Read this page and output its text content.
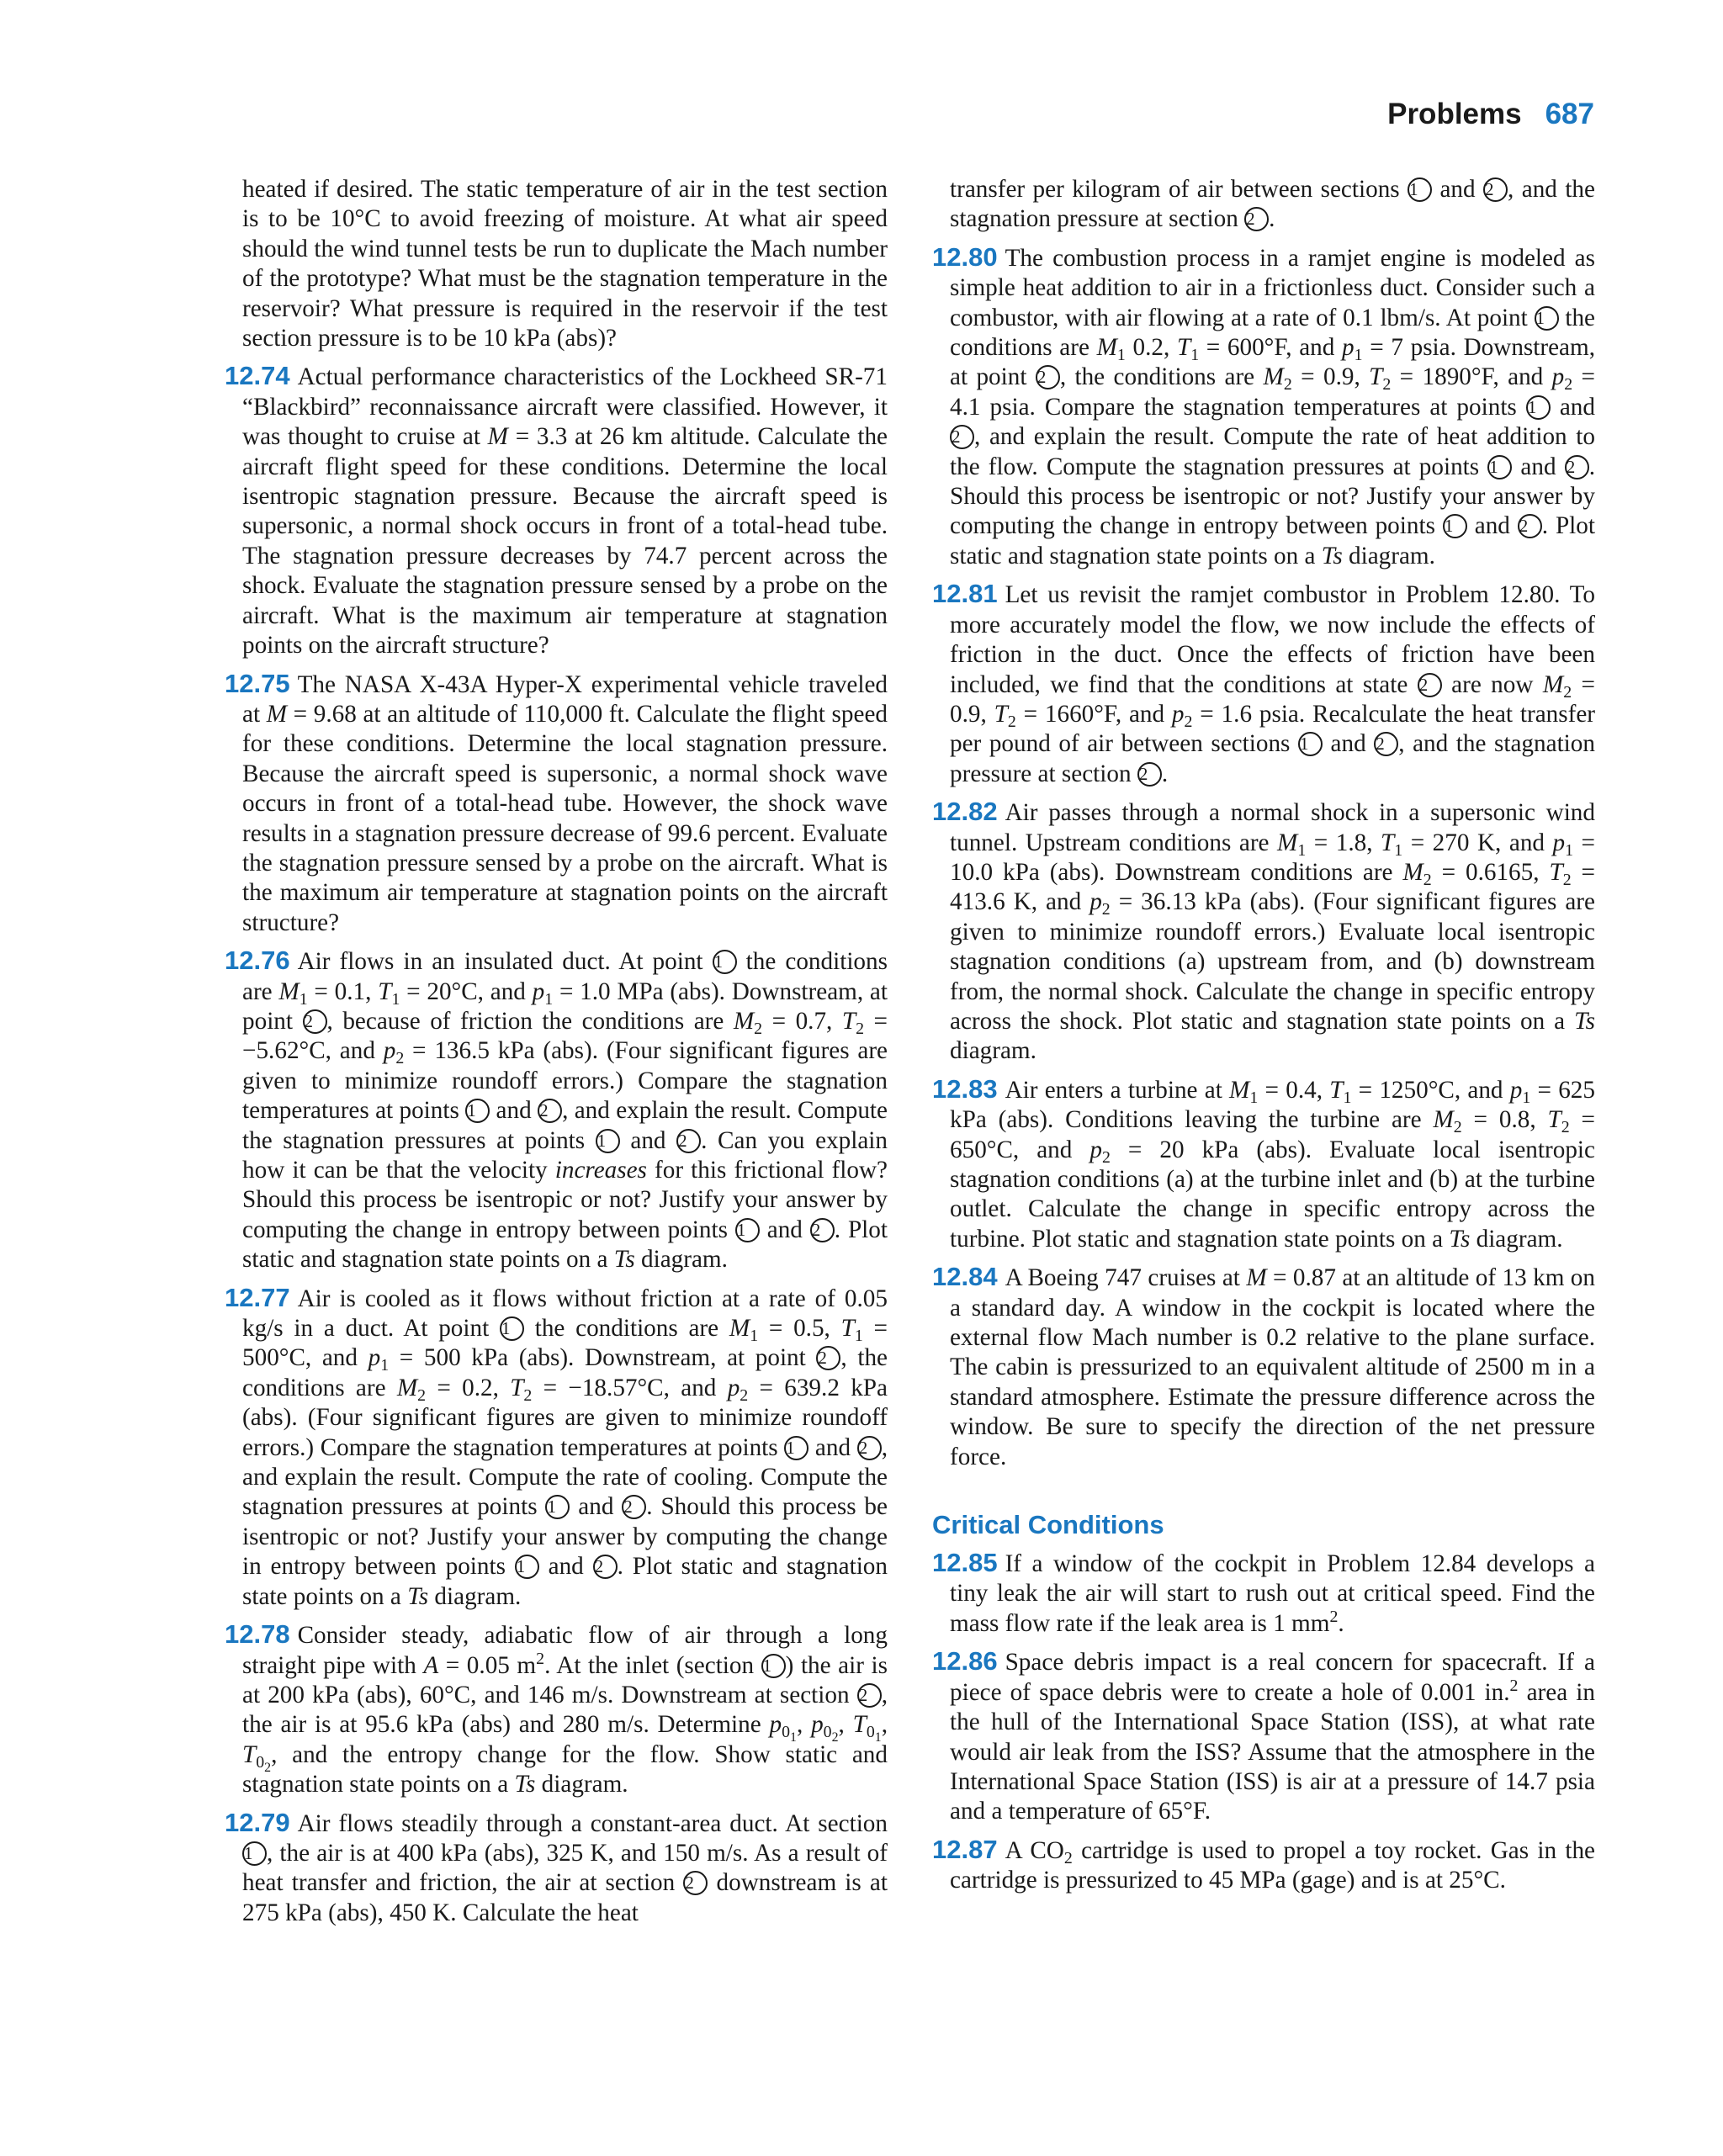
Problems 687

heated if desired. The static temperature of air in the test section is to be 10°C to avoid freezing of moisture. At what air speed should the wind tunnel tests be run to duplicate the Mach number of the prototype? What must be the stagnation temperature in the reservoir? What pressure is required in the reservoir if the test section pressure is to be 10 kPa (abs)?

12.74 Actual performance characteristics of the Lockheed SR-71 “Blackbird” reconnaissance aircraft were classified. However, it was thought to cruise at M = 3.3 at 26 km altitude. Calculate the aircraft flight speed for these conditions. Determine the local isentropic stagnation pressure. Because the aircraft speed is supersonic, a normal shock occurs in front of a total-head tube. The stagnation pressure decreases by 74.7 percent across the shock. Evaluate the stagnation pressure sensed by a probe on the aircraft. What is the maximum air temperature at stagnation points on the aircraft structure?

12.75 The NASA X-43A Hyper-X experimental vehicle traveled at M = 9.68 at an altitude of 110,000 ft. Calculate the flight speed for these conditions. Determine the local stagnation pressure. Because the aircraft speed is supersonic, a normal shock wave occurs in front of a total-head tube. However, the shock wave results in a stagnation pressure decrease of 99.6 percent. Evaluate the stagnation pressure sensed by a probe on the aircraft. What is the maximum air temperature at stagnation points on the aircraft structure?

12.76 Air flows in an insulated duct. At point 1 the conditions are $M_1 = 0.1$, $T_1 = 20^\circ C$, and $p_1 = 1.0$ MPa (abs). Downstream, at point 2 , because of friction the conditions are $M_2 = 0.7$, $T_2 = -5.62^\circ C$, and $p_2 = 136.5$ kPa (abs). (Four significant figures are given to minimize roundoff errors.) Compare the stagnation temperatures at points 1 and 2 , and explain the result. Compute the stagnation pressures at points 1 and 2 . Can you explain how it can be that the velocity increases for this frictional flow? Should this process be isentropic or not? Justify your answer by computing the change in entropy between points 1 and 2 . Plot static and stagnation state points on a Ts diagram.

12.77 Air is cooled as it flows without friction at a rate of 0.05 kg/s in a duct. At point 1 the conditions are $M_1 = 0.5$, $T_1 = 500^\circ C$, and $p_1 = 500$ kPa (abs). Downstream, at point 2 , the conditions are $M_2 = 0.2$, $T_2 = -18.57^\circ C$, and $p_2 = 639.2$ kPa (abs). (Four significant figures are given to minimize roundoff errors.) Compare the stagnation temperatures at points 1 and 2 , and explain the result. Compute the rate of cooling. Compute the stagnation pressures at points 1 and 2 . Should this process be isentropic or not? Justify your answer by computing the change in entropy between points 1 and 2 . Plot static and stagnation state points on a Ts diagram.

12.78 Consider steady, adiabatic flow of air through a long straight pipe with A = 0.05 $m^2$. At the inlet (section 1 ) the air is at 200 kPa (abs), 60°C, and 146 m/s. Downstream at section 2 , the air is at 95.6 kPa (abs) and 280 m/s. Determine $p_{0_1}$, $p_{0_2}$, $T_{0_1}$, $T_{0_2}$, and the entropy change for the flow. Show static and stagnation state points on a Ts diagram.

12.79 Air flows steadily through a constant-area duct. At section 1 , the air is at 400 kPa (abs), 325 K, and 150 m/s. As a result of heat transfer and friction, the air at section 2 downstream is at 275 kPa (abs), 450 K. Calculate the heat

transfer per kilogram of air between sections 1 and 2 , and the stagnation pressure at section 2 .

12.80 The combustion process in a ramjet engine is modeled as simple heat addition to air in a frictionless duct. Consider such a combustor, with air flowing at a rate of 0.1 lbm/s. At point 1 the conditions are $M_1$ 0.2, $T_1 = 600^\circ F$, and $p_1 = 7$ psia. Downstream, at point 2 , the conditions are $M_2 = 0.9$, $T_2 = 1890^\circ F$, and $p_2 = 4.1$ psia. Compare the stagnation temperatures at points 1 and 2 , and explain the result. Compute the rate of heat addition to the flow. Compute the stagnation pressures at points 1 and 2 . Should this process be isentropic or not? Justify your answer by computing the change in entropy between points 1 and 2 . Plot static and stagnation state points on a Ts diagram.

12.81 Let us revisit the ramjet combustor in Problem 12.80. To more accurately model the flow, we now include the effects of friction in the duct. Once the effects of friction have been included, we find that the conditions at state 2 are now $M_2 = 0.9$, $T_2 = 1660^\circ F$, and $p_2 = 1.6$ psia. Recalculate the heat transfer per pound of air between sections 1 and 2 , and the stagnation pressure at section 2 .

12.82 Air passes through a normal shock in a supersonic wind tunnel. Upstream conditions are $M_1 = 1.8$, $T_1 = 270$ K, and $p_1 = 10.0$ kPa (abs). Downstream conditions are $M_2 = 0.6165$, $T_2 = 413.6$ K, and $p_2 = 36.13$ kPa (abs). (Four significant figures are given to minimize roundoff errors.) Evaluate local isentropic stagnation conditions (a) upstream from, and (b) downstream from, the normal shock. Calculate the change in specific entropy across the shock. Plot static and stagnation state points on a Ts diagram.

12.83 Air enters a turbine at $M_1 = 0.4$, $T_1 = 1250^\circ C$, and $p_1 = 625$ kPa (abs). Conditions leaving the turbine are $M_2 = 0.8$, $T_2 = 650^\circ C$, and $p_2 = 20$ kPa (abs). Evaluate local isentropic stagnation conditions (a) at the turbine inlet and (b) at the turbine outlet. Calculate the change in specific entropy across the turbine. Plot static and stagnation state points on a Ts diagram.

12.84 A Boeing 747 cruises at M = 0.87 at an altitude of 13 km on a standard day. A window in the cockpit is located where the external flow Mach number is 0.2 relative to the plane surface. The cabin is pressurized to an equivalent altitude of 2500 m in a standard atmosphere. Estimate the pressure difference across the window. Be sure to specify the direction of the net pressure force.

Critical Conditions

12.85 If a window of the cockpit in Problem 12.84 develops a tiny leak the air will start to rush out at critical speed. Find the mass flow rate if the leak area is 1 $mm^2$.

12.86 Space debris impact is a real concern for spacecraft. If a piece of space debris were to create a hole of 0.001 in.$^2$ area in the hull of the International Space Station (ISS), at what rate would air leak from the ISS? Assume that the atmosphere in the International Space Station (ISS) is air at a pressure of 14.7 psia and a temperature of 65°F.

12.87 A $CO_2$ cartridge is used to propel a toy rocket. Gas in the cartridge is pressurized to 45 MPa (gage) and is at 25°C.
